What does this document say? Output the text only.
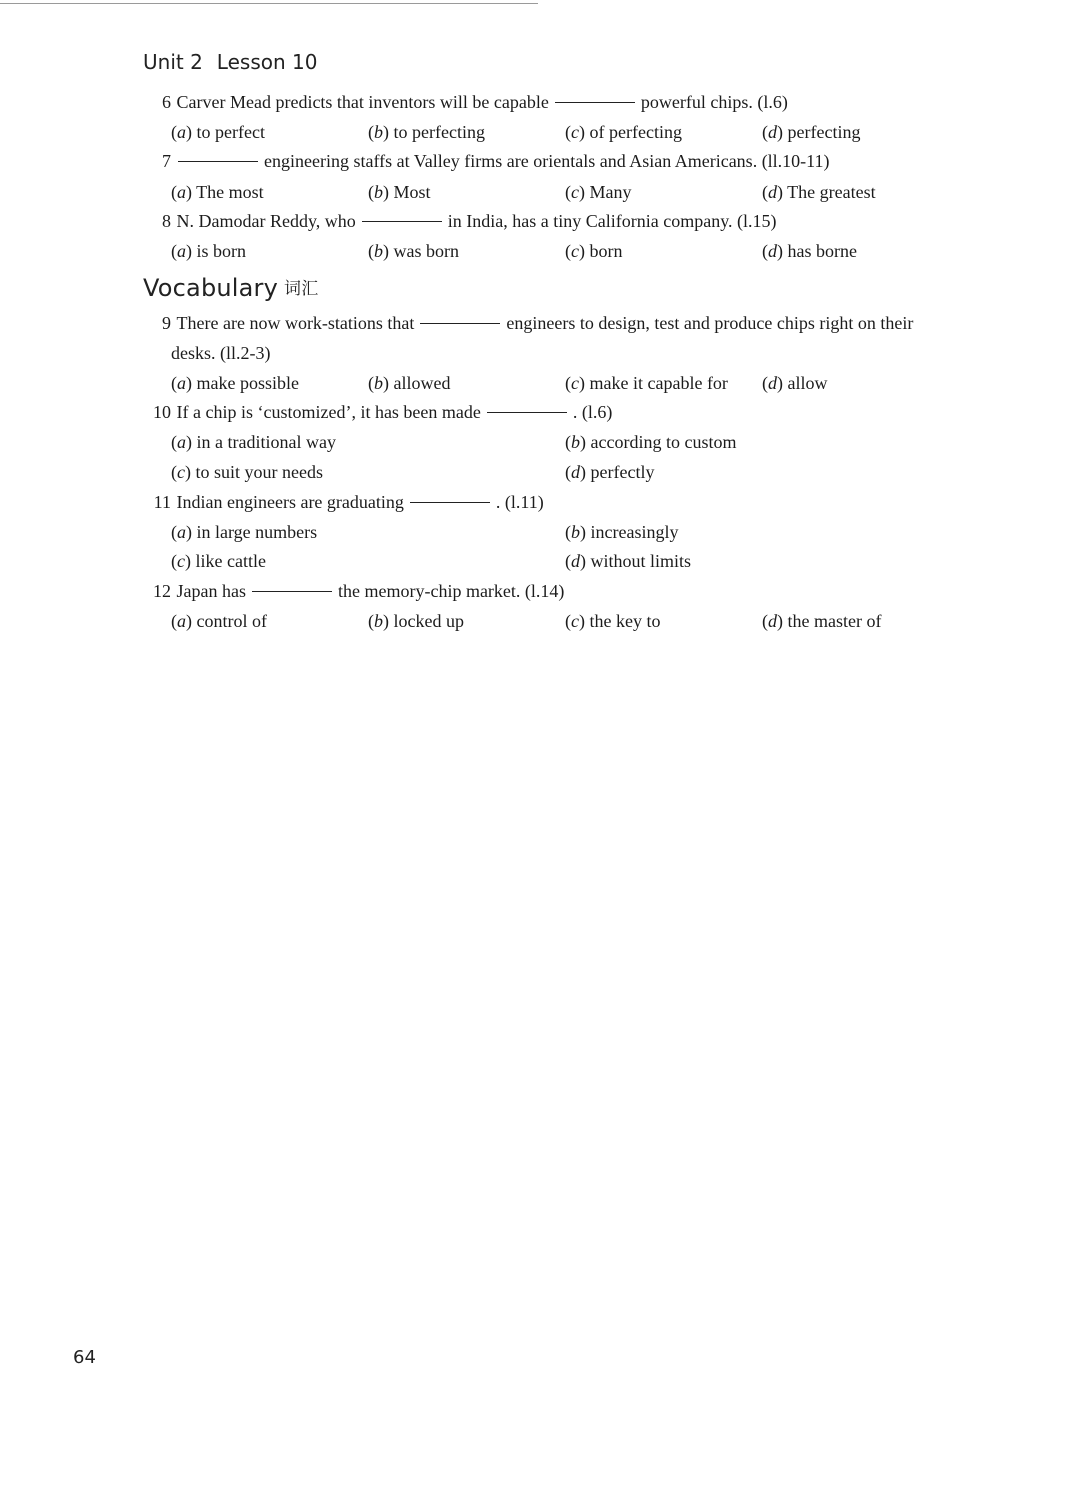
Unit 2 Lesson 10
6 Carver Mead predicts that inventors will be capable	powerful chips. (l.6)
(a) to perfect	(b) to perfecting	(c) of perfecting	(d) perfecting
7	engineering staffs at Valley firms are orientals and Asian Americans. (ll.10-11)
(a) The most	(b) Most	(c) Many	(d) The greatest
8 N. Damodar Reddy, who	in India, has a tiny California company. (l.15)
(a) is born	(b) was born	(c) born	(d) has borne
Vocabulary 词汇
9 There are now work-stations that	engineers to design, test and produce chips right on their
desks. (ll.2-3)
(a) make possible	(b) allowed	(c) make it capable for (d) allow
10 If a chip is ‘customized’, it has been made	. (l.6)
(a) in a traditional way	(b) according to custom
(c) to suit your needs	(d) perfectly
11 Indian engineers are graduating	. (l.11)
(a) in large numbers	(b) increasingly
(c) like cattle	(d) without limits
12 Japan has	the memory-chip market. (l.14)
(a) control of	(b) locked up	(c) the key to	(d) the master of
64
